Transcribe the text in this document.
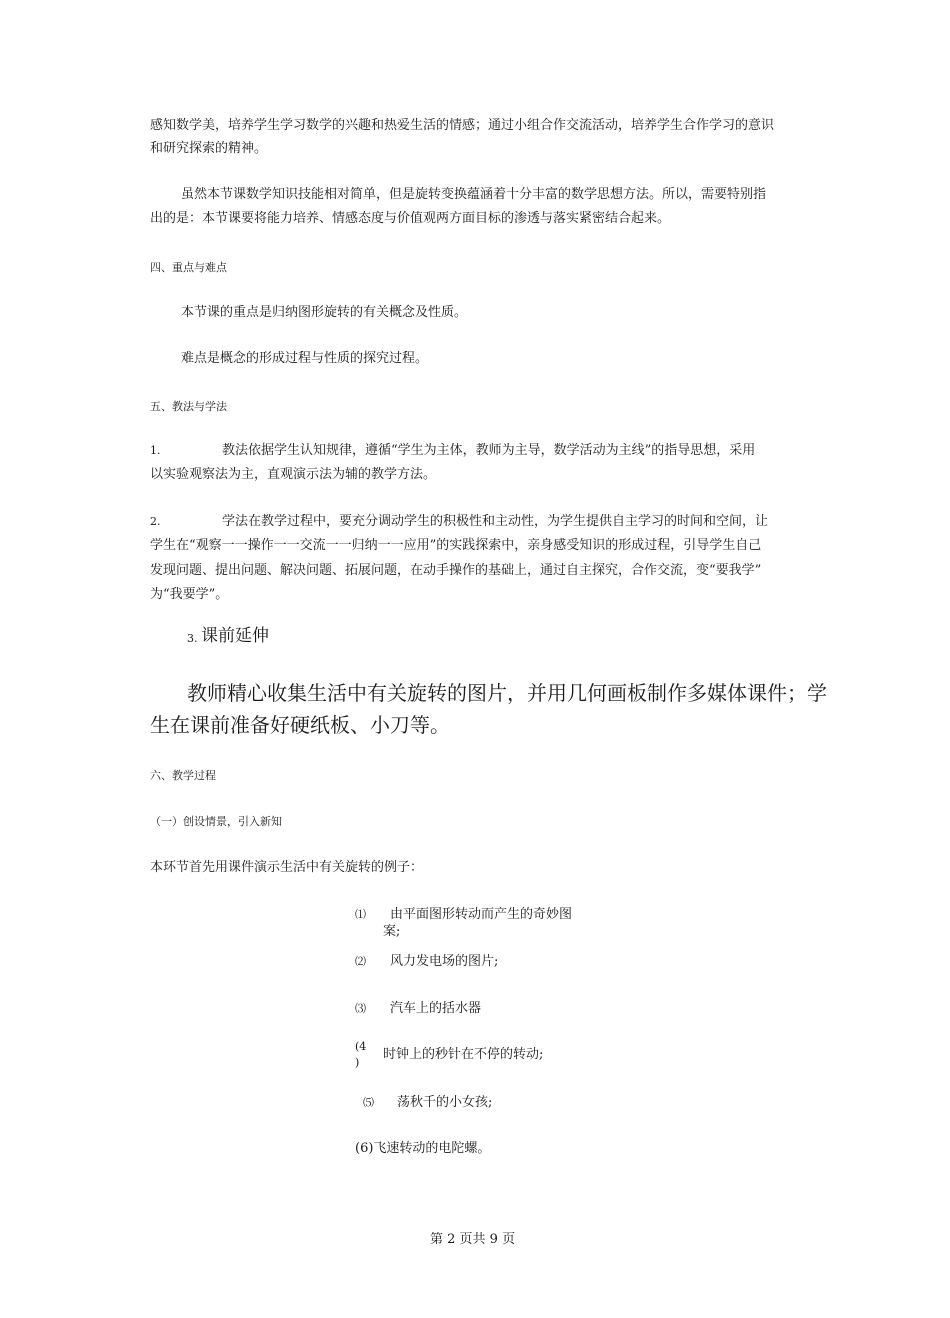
感知数学美，培养学生学习数学的兴趣和热爱生活的情感；通过小组合作交流活动，培养学生合作学习的意识
和研究探索的精神。
虽然本节课数学知识技能相对简单，但是旋转变换蕴涵着十分丰富的数学思想方法。所以，需要特别指
出的是：本节课要将能力培养、情感态度与价值观两方面目标的渗透与落实紧密结合起来。
四、重点与难点
本节课的重点是归纳图形旋转的有关概念及性质。
难点是概念的形成过程与性质的探究过程。
五、教法与学法
1.	教法依据学生认知规律，遵循“学生为主体，教师为主导，数学活动为主线”的指导思想，采用
以实验观察法为主，直观演示法为辅的教学方法。
2.	学法在教学过程中，要充分调动学生的积极性和主动性，为学生提供自主学习的时间和空间，让
学生在“观察一一操作一一交流一一归纳一一应用”的实践探索中，亲身感受知识的形成过程，引导学生自己
发现问题、提出问题、解决问题、拓展问题，在动手操作的基础上，通过自主探究，合作交流，变“要我学”
为“我要学”。
3. 课前延伸
教师精心收集生活中有关旋转的图片，并用几何画板制作多媒体课件；学
生在课前准备好硬纸板、小刀等。
六、教学过程
（一）创设情景，引入新知
本环节首先用课件演示生活中有关旋转的例子：
⑴ 由平面图形转动而产生的奇妙图
案;
⑵ 风力发电场的图片;
⑶ 汽车上的括水器
(4
)
时钟上的秒针在不停的转动;
⑸ 荡秋千的小女孩;
(6)飞速转动的电陀螺。
第 2 页共 9 页
